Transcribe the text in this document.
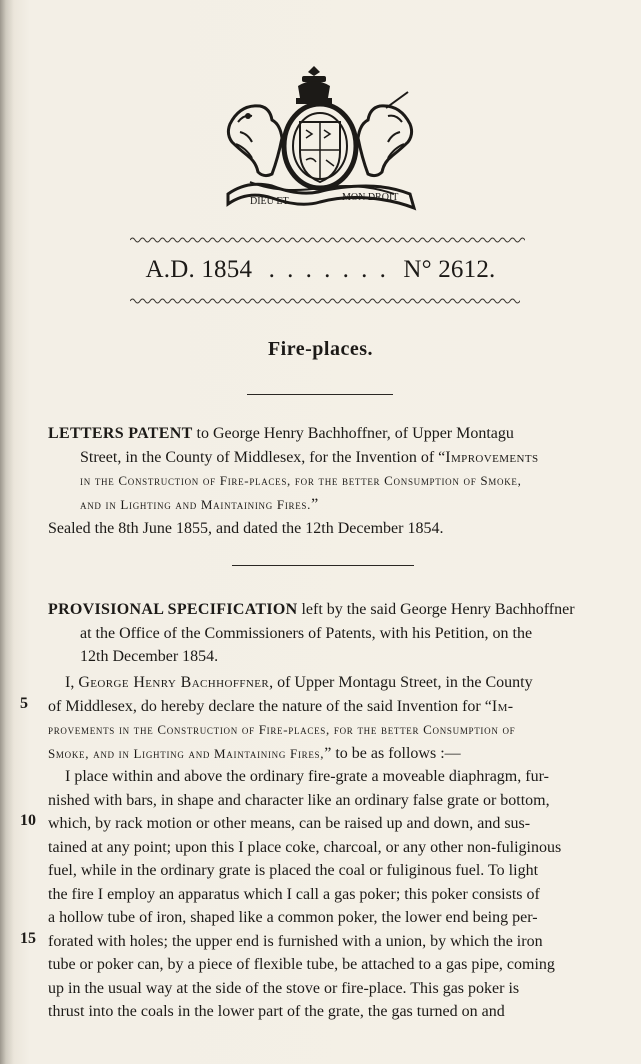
DIEU ET	MON DROIT
A.D. 1854 . . . . . . . N° 2612.
Fire-places.
LETTERS PATENT to George Henry Bachhoffner, of Upper Montagu
Street, in the County of Middlesex, for the Invention of “Improvements
in the Construction of Fire-places, for the better Consumption of Smoke,
and in Lighting and Maintaining Fires.”
Sealed the 8th June 1855, and dated the 12th December 1854.
PROVISIONAL SPECIFICATION left by the said George Henry Bachhoffner
at the Office of the Commissioners of Patents, with his Petition, on the
12th December 1854.
I, George Henry Bachhoffner, of Upper Montagu Street, in the County
of Middlesex, do hereby declare the nature of the said Invention for “Im-
provements in the Construction of Fire-places, for the better Consumption of
Smoke, and in Lighting and Maintaining Fires,” to be as follows :—
I place within and above the ordinary fire-grate a moveable diaphragm, fur-
nished with bars, in shape and character like an ordinary false grate or bottom,
which, by rack motion or other means, can be raised up and down, and sus-
tained at any point; upon this I place coke, charcoal, or any other non-fuliginous
fuel, while in the ordinary grate is placed the coal or fuliginous fuel. To light
the fire I employ an apparatus which I call a gas poker; this poker consists of
a hollow tube of iron, shaped like a common poker, the lower end being per-
forated with holes; the upper end is furnished with a union, by which the iron
tube or poker can, by a piece of flexible tube, be attached to a gas pipe, coming
up in the usual way at the side of the stove or fire-place. This gas poker is
thrust into the coals in the lower part of the grate, the gas turned on and
5
10
15
